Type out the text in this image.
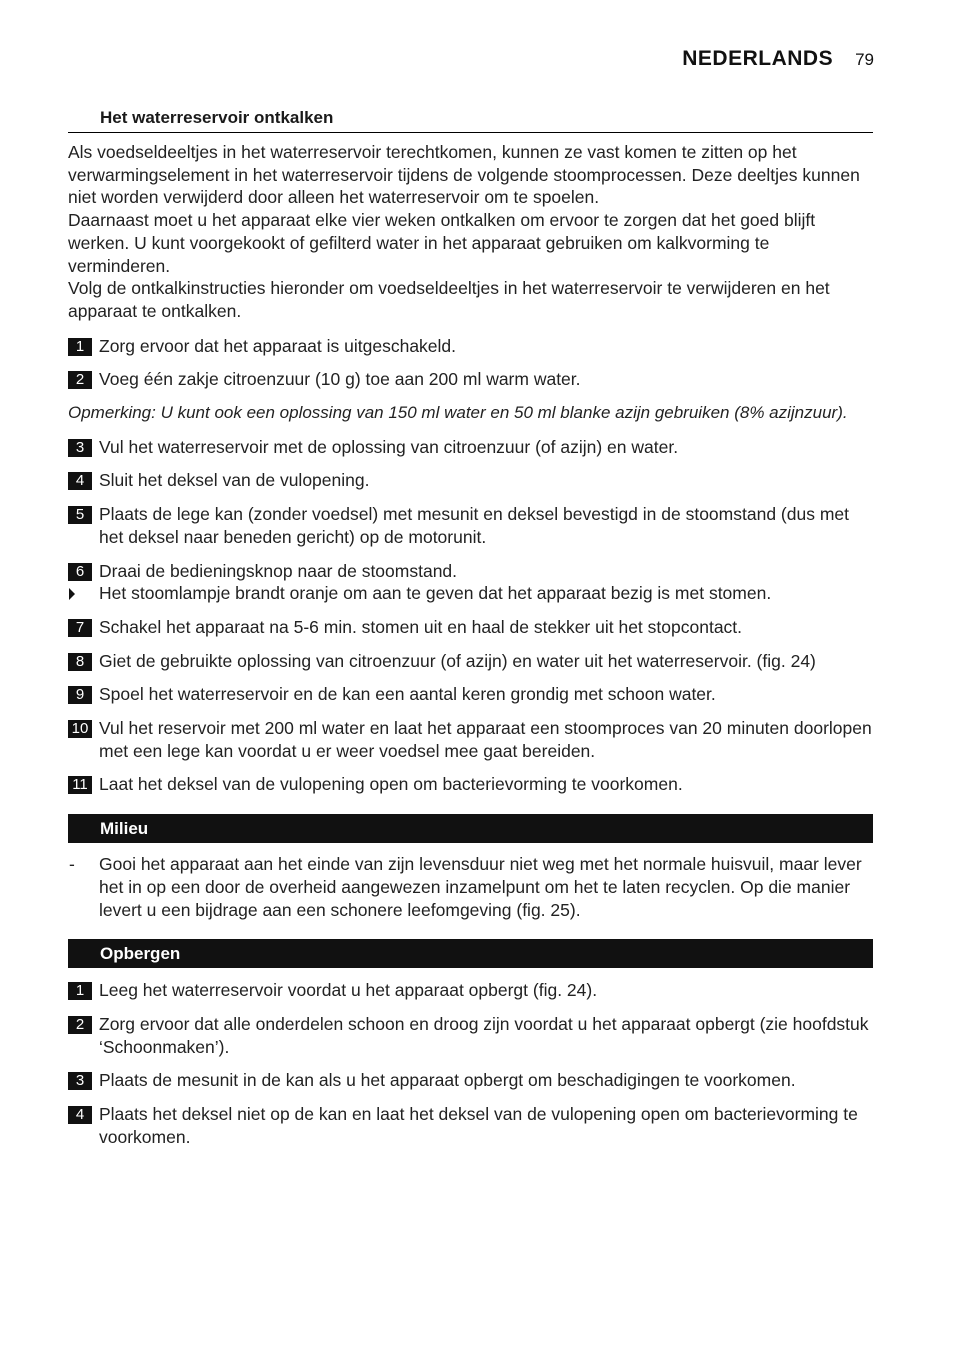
NEDERLANDS 79
Het waterreservoir ontkalken

Als voedseldeeltjes in het waterreservoir terechtkomen, kunnen ze vast komen te zitten op het verwarmingselement in het waterreservoir tijdens de volgende stoomprocessen. Deze deeltjes kunnen niet worden verwijderd door alleen het waterreservoir om te spoelen.

Daarnaast moet u het apparaat elke vier weken ontkalken om ervoor te zorgen dat het goed blijft werken. U kunt voorgekookt of gefilterd water in het apparaat gebruiken om kalkvorming te verminderen.

Volg de ontkalkinstructies hieronder om voedseldeeltjes in het waterreservoir te verwijderen en het apparaat te ontkalken.

1 Zorg ervoor dat het apparaat is uitgeschakeld.
2 Voeg één zakje citroenzuur (10 g) toe aan 200 ml warm water.
Opmerking: U kunt ook een oplossing van 150 ml water en 50 ml blanke azijn gebruiken (8% azijnzuur).
3 Vul het waterreservoir met de oplossing van citroenzuur (of azijn) en water.
4 Sluit het deksel van de vulopening.
5 Plaats de lege kan (zonder voedsel) met mesunit en deksel bevestigd in de stoomstand (dus met het deksel naar beneden gericht) op de motorunit.
6 Draai de bedieningsknop naar de stoomstand.
Het stoomlampje brandt oranje om aan te geven dat het apparaat bezig is met stomen.
7 Schakel het apparaat na 5-6 min. stomen uit en haal de stekker uit het stopcontact.
8 Giet de gebruikte oplossing van citroenzuur (of azijn) en water uit het waterreservoir. (fig. 24)
9 Spoel het waterreservoir en de kan een aantal keren grondig met schoon water.
10 Vul het reservoir met 200 ml water en laat het apparaat een stoomproces van 20 minuten doorlopen met een lege kan voordat u er weer voedsel mee gaat bereiden.
11 Laat het deksel van de vulopening open om bacterievorming te voorkomen.
Milieu
- Gooi het apparaat aan het einde van zijn levensduur niet weg met het normale huisvuil, maar lever het in op een door de overheid aangewezen inzamelpunt om het te laten recyclen. Op die manier levert u een bijdrage aan een schonere leefomgeving (fig. 25).
Opbergen
1 Leeg het waterreservoir voordat u het apparaat opbergt (fig. 24).
2 Zorg ervoor dat alle onderdelen schoon en droog zijn voordat u het apparaat opbergt (zie hoofdstuk ‘Schoonmaken’).
3 Plaats de mesunit in de kan als u het apparaat opbergt om beschadigingen te voorkomen.
4 Plaats het deksel niet op de kan en laat het deksel van de vulopening open om bacterievorming te voorkomen.
